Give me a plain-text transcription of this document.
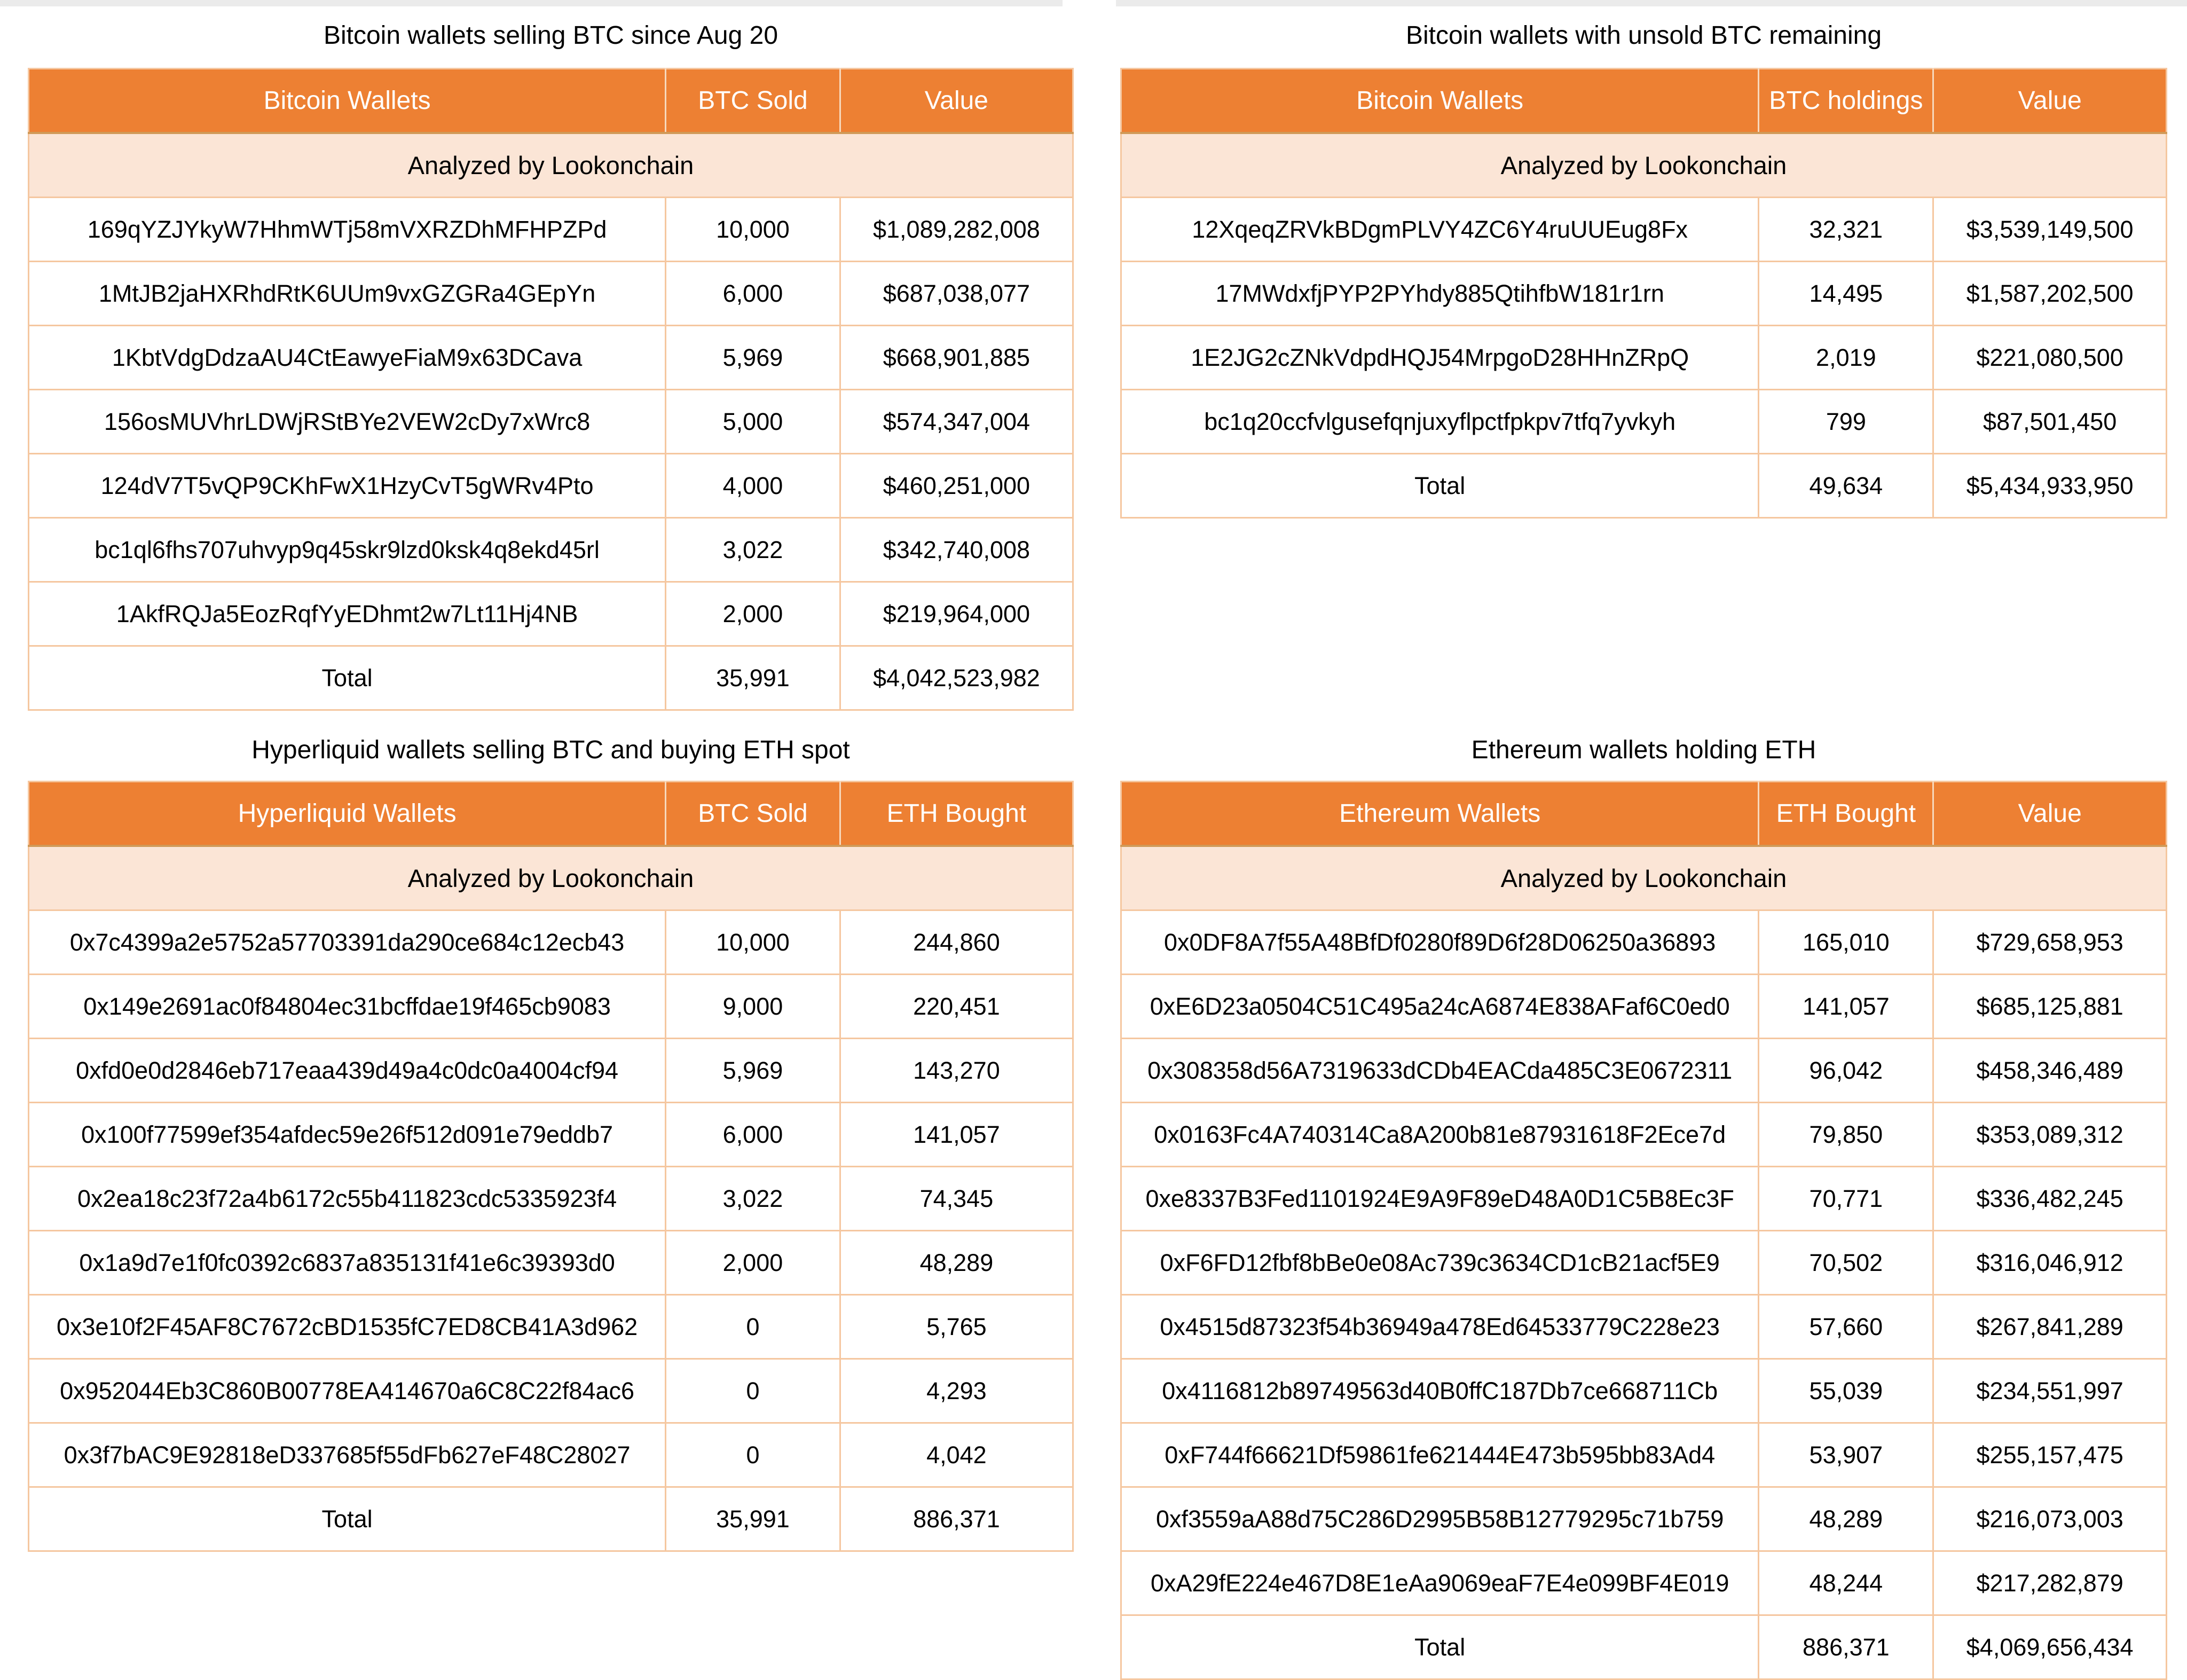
Bitcoin wallets selling BTC since Aug 20
Bitcoin Wallets	BTC Sold	Value
Analyzed by Lookonchain		
169qYZJYkyW7HhmWTj58mVXRZDhMFHPZPd	10,000	$1,089,282,008
1MtJB2jaHXRhdRtK6UUm9vxGZGRa4GEpYn	6,000	$687,038,077
1KbtVdgDdzaAU4CtEawyeFiaM9x63DCava	5,969	$668,901,885
156osMUVhrLDWjRStBYe2VEW2cDy7xWrc8	5,000	$574,347,004
124dV7T5vQP9CKhFwX1HzyCvT5gWRv4Pto	4,000	$460,251,000
bc1ql6fhs707uhvyp9q45skr9lzd0ksk4q8ekd45rl	3,022	$342,740,008
1AkfRQJa5EozRqfYyEDhmt2w7Lt11Hj4NB	2,000	$219,964,000
Total	35,991	$4,042,523,982
Bitcoin wallets with unsold BTC remaining
Bitcoin Wallets	BTC holdings	Value
Analyzed by Lookonchain		
12XqeqZRVkBDgmPLVY4ZC6Y4ruUUEug8Fx	32,321	$3,539,149,500
17MWdxfjPYP2PYhdy885QtihfbW181r1rn	14,495	$1,587,202,500
1E2JG2cZNkVdpdHQJ54MrpgoD28HHnZRpQ	2,019	$221,080,500
bc1q20ccfvlgusefqnjuxyflpctfpkpv7tfq7yvkyh	799	$87,501,450
Total	49,634	$5,434,933,950
Hyperliquid wallets selling BTC and buying ETH spot
Hyperliquid Wallets	BTC Sold	ETH Bought
Analyzed by Lookonchain		
0x7c4399a2e5752a57703391da290ce684c12ecb43	10,000	244,860
0x149e2691ac0f84804ec31bcffdae19f465cb9083	9,000	220,451
0xfd0e0d2846eb717eaa439d49a4c0dc0a4004cf94	5,969	143,270
0x100f77599ef354afdec59e26f512d091e79eddb7	6,000	141,057
0x2ea18c23f72a4b6172c55b411823cdc5335923f4	3,022	74,345
0x1a9d7e1f0fc0392c6837a835131f41e6c39393d0	2,000	48,289
0x3e10f2F45AF8C7672cBD1535fC7ED8CB41A3d962	0	5,765
0x952044Eb3C860B00778EA414670a6C8C22f84ac6	0	4,293
0x3f7bAC9E92818eD337685f55dFb627eF48C28027	0	4,042
Total	35,991	886,371
Ethereum wallets holding ETH
Ethereum Wallets	ETH Bought	Value
Analyzed by Lookonchain		
0x0DF8A7f55A48BfDf0280f89D6f28D06250a36893	165,010	$729,658,953
0xE6D23a0504C51C495a24cA6874E838AFaf6C0ed0	141,057	$685,125,881
0x308358d56A7319633dCDb4EACda485C3E0672311	96,042	$458,346,489
0x0163Fc4A740314Ca8A200b81e87931618F2Ece7d	79,850	$353,089,312
0xe8337B3Fed1101924E9A9F89eD48A0D1C5B8Ec3F	70,771	$336,482,245
0xF6FD12fbf8bBe0e08Ac739c3634CD1cB21acf5E9	70,502	$316,046,912
0x4515d87323f54b36949a478Ed64533779C228e23	57,660	$267,841,289
0x4116812b89749563d40B0ffC187Db7ce668711Cb	55,039	$234,551,997
0xF744f66621Df59861fe621444E473b595bb83Ad4	53,907	$255,157,475
0xf3559aA88d75C286D2995B58B12779295c71b759	48,289	$216,073,003
0xA29fE224e467D8E1eAa9069eaF7E4e099BF4E019	48,244	$217,282,879
Total	886,371	$4,069,656,434
